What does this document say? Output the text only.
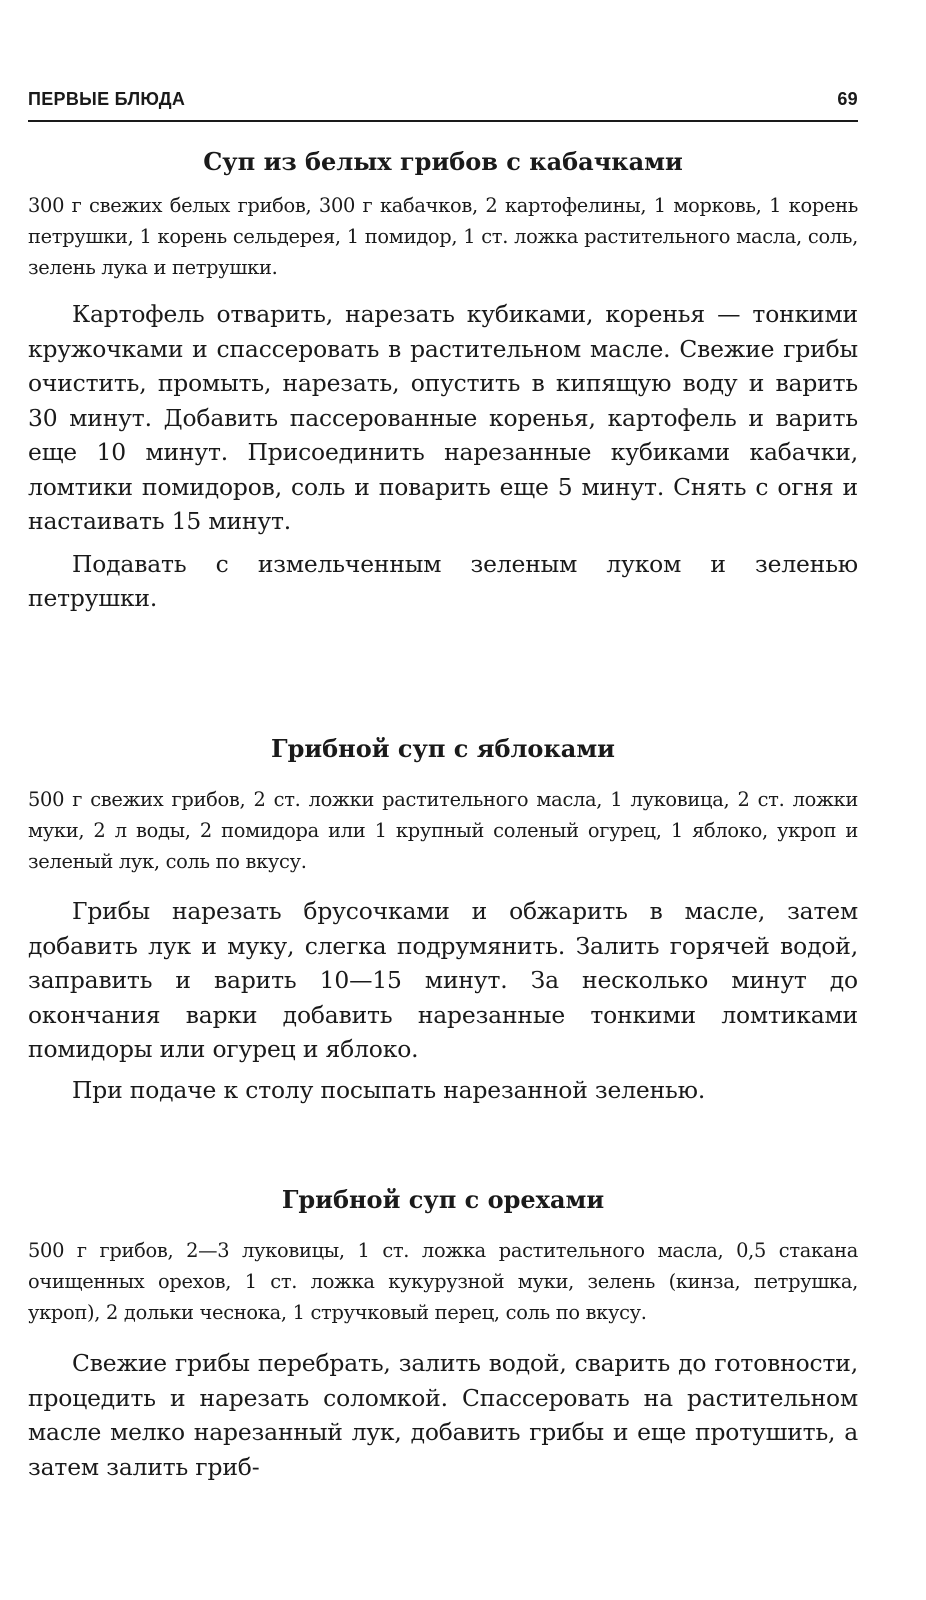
ПЕРВЫЕ БЛЮДА	69
Суп из белых грибов с кабачками

300 г свежих белых грибов, 300 г кабачков, 2 картофелины, 1 морковь, 1 корень петрушки, 1 корень сельдерея, 1 помидор, 1 ст. ложка растительного масла, соль, зелень лука и петрушки.

Картофель отварить, нарезать кубиками, коренья — тонкими кружочками и спассеровать в растительном масле. Свежие грибы очистить, промыть, нарезать, опустить в кипящую воду и варить 30 минут. Добавить пассерованные коренья, картофель и варить еще 10 минут. Присоединить нарезанные кубиками кабачки, ломтики помидоров, соль и поварить еще 5 минут. Снять с огня и настаивать 15 минут.

Подавать с измельченным зеленым луком и зеленью петрушки.

Грибной суп с яблоками

500 г свежих грибов, 2 ст. ложки растительного масла, 1 луковица, 2 ст. ложки муки, 2 л воды, 2 помидора или 1 крупный соленый огурец, 1 яблоко, укроп и зеленый лук, соль по вкусу.

Грибы нарезать брусочками и обжарить в масле, затем добавить лук и муку, слегка подрумянить. Залить горячей водой, заправить и варить 10—15 минут. За несколько минут до окончания варки добавить нарезанные тонкими ломтиками помидоры или огурец и яблоко.

При подаче к столу посыпать нарезанной зеленью.

Грибной суп с орехами

500 г грибов, 2—3 луковицы, 1 ст. ложка растительного масла, 0,5 стакана очищенных орехов, 1 ст. ложка кукурузной муки, зелень (кинза, петрушка, укроп), 2 дольки чеснока, 1 стручковый перец, соль по вкусу.

Свежие грибы перебрать, залить водой, сварить до готовности, процедить и нарезать соломкой. Спассеровать на растительном масле мелко нарезанный лук, добавить грибы и еще протушить, а затем залить гриб-
